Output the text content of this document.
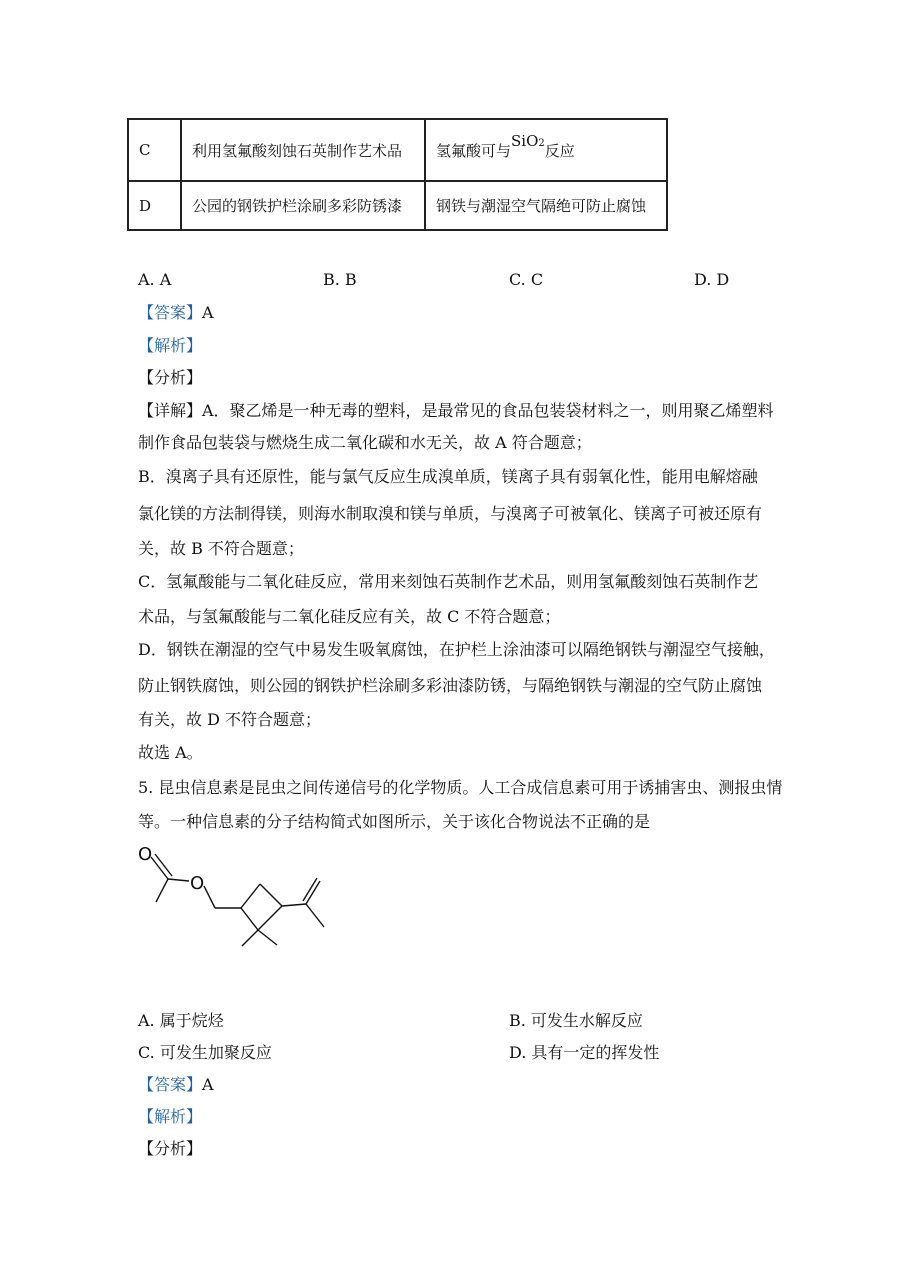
C	利用氢氟酸刻蚀石英制作艺术品	氢氟酸可与SiO2反应
D	公园的钢铁护栏涂刷多彩防锈漆	钢铁与潮湿空气隔绝可防止腐蚀
A. A	B. B	C. C	D. D
【答案】A
【解析】
【分析】
【详解】A．聚乙烯是一种无毒的塑料，是最常见的食品包装袋材料之一，则用聚乙烯塑料
制作食品包装袋与燃烧生成二氧化碳和水无关，故 A 符合题意；
B．溴离子具有还原性，能与氯气反应生成溴单质，镁离子具有弱氧化性，能用电解熔融
氯化镁的方法制得镁，则海水制取溴和镁与单质，与溴离子可被氧化、镁离子可被还原有
关，故 B 不符合题意；
C．氢氟酸能与二氧化硅反应，常用来刻蚀石英制作艺术品，则用氢氟酸刻蚀石英制作艺
术品，与氢氟酸能与二氧化硅反应有关，故 C 不符合题意；
D．钢铁在潮湿的空气中易发生吸氧腐蚀，在护栏上涂油漆可以隔绝钢铁与潮湿空气接触，
防止钢铁腐蚀，则公园的钢铁护栏涂刷多彩油漆防锈，与隔绝钢铁与潮湿的空气防止腐蚀
有关，故 D 不符合题意；
故选 A。
5. 昆虫信息素是昆虫之间传递信号的化学物质。人工合成信息素可用于诱捕害虫、测报虫情
等。一种信息素的分子结构简式如图所示，关于该化合物说法不正确的是
O
O
A. 属于烷烃	B. 可发生水解反应
C. 可发生加聚反应	D. 具有一定的挥发性
【答案】A
【解析】
【分析】
